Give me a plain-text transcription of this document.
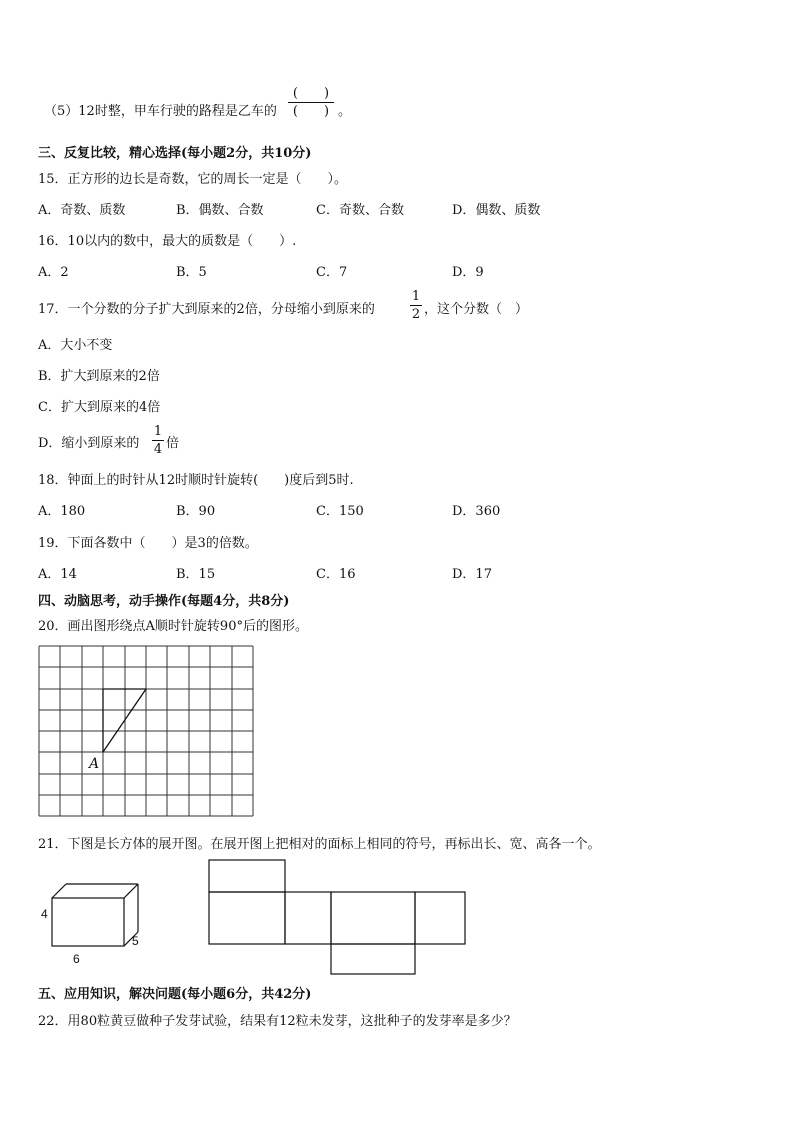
（5）12时整，甲车行驶的路程是乙车的
(　　)
(　　) 。
三、反复比较，精心选择(每小题2分，共10分)
15．正方形的边长是奇数，它的周长一定是（　　）。
A．奇数、质数	B．偶数、合数	C．奇数、合数	D．偶数、质数
16．10以内的数中，最大的质数是（　　）.
A．2	B．5	C．7	D．9
17．一个分数的分子扩大到原来的2倍，分母缩小到原来的
1
2 ，这个分数（　）
A．大小不变
B．扩大到原来的2倍
C．扩大到原来的4倍
D．缩小到原来的
1
4 倍
18．钟面上的时针从12时顺时针旋转(　　)度后到5时.
A．180	B．90	C．150	D．360
19．下面各数中（　　）是3的倍数。
A．14	B．15	C．16	D．17
四、动脑思考，动手操作(每题4分，共8分)
20．画出图形绕点A顺时针旋转90°后的图形。
A
21．下图是长方体的展开图。在展开图上把相对的面标上相同的符号，再标出长、宽、高各一个。
4
6
5
五、应用知识，解决问题(每小题6分，共42分)
22．用80粒黄豆做种子发芽试验，结果有12粒未发芽，这批种子的发芽率是多少？
